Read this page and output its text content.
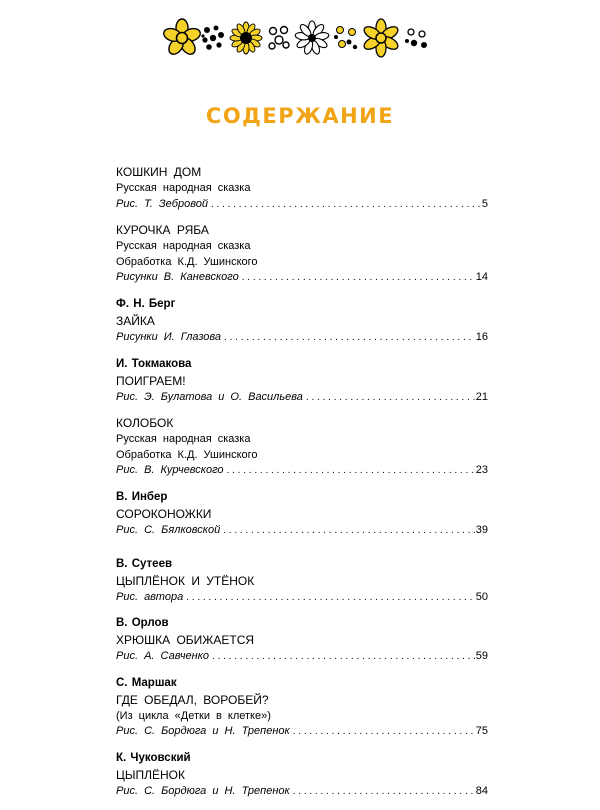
СОДЕРЖАНИЕ
КОШКИН ДОМ
Русская народная сказка
Рис. Т. Зебровой . . .	5
КУРОЧКА РЯБА
Русская народная сказка
Обработка К.Д. Ушинского
Рисунки В. Каневского . . .	14
Ф. Н. Берг
ЗАЙКА
Рисунки И. Глазова . . .	16
И. Токмакова
ПОИГРАЕМ!
Рис. Э. Булатова и О. Васильева . . .	21
КОЛОБОК
Русская народная сказка
Обработка К.Д. Ушинского
Рис. В. Курчевского . . .	23
В. Инбер
СОРОКОНОЖКИ
Рис. С. Бялковской . . .	39
В. Сутеев
ЦЫПЛЁНОК И УТЁНОК
Рис. автора . . .	50
В. Орлов
ХРЮШКА ОБИЖАЕТСЯ
Рис. А. Савченко . . .	59
С. Маршак
ГДЕ ОБЕДАЛ, ВОРОБЕЙ?
(Из цикла «Детки в клетке»)
Рис. С. Бордюга и Н. Трепенок . . .	75
К. Чуковский
ЦЫПЛЁНОК
Рис. С. Бордюга и Н. Трепенок . . .	84
